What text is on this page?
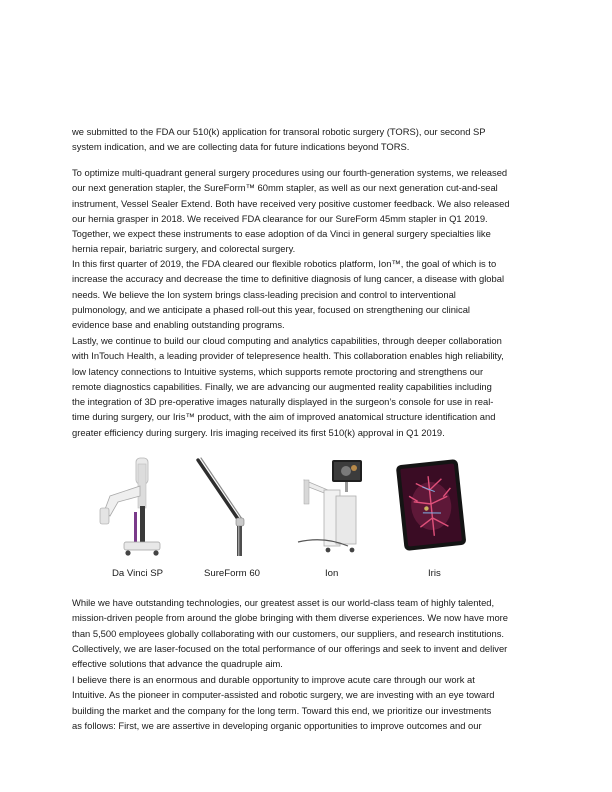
we submitted to the FDA our 510(k) application for transoral robotic surgery (TORS), our second SP
system indication, and we are collecting data for future indications beyond TORS.

To optimize multi-quadrant general surgery procedures using our fourth-generation systems, we released
our next generation stapler, the SureForm™ 60mm stapler, as well as our next generation cut-and-seal
instrument, Vessel Sealer Extend. Both have received very positive customer feedback. We also released
our hernia grasper in 2018. We received FDA clearance for our SureForm 45mm stapler in Q1 2019.
Together, we expect these instruments to ease adoption of da Vinci in general surgery specialties like
hernia repair, bariatric surgery, and colorectal surgery.

In this first quarter of 2019, the FDA cleared our flexible robotics platform, Ion™, the goal of which is to
increase the accuracy and decrease the time to definitive diagnosis of lung cancer, a disease with global
needs. We believe the Ion system brings class-leading precision and control to interventional
pulmonology, and we anticipate a phased roll-out this year, focused on strengthening our clinical
evidence base and enabling outstanding programs.

Lastly, we continue to build our cloud computing and analytics capabilities, through deeper collaboration
with InTouch Health, a leading provider of telepresence health. This collaboration enables high reliability,
low latency connections to Intuitive systems, which supports remote proctoring and strengthens our
remote diagnostics capabilities. Finally, we are advancing our augmented reality capabilities including
the integration of 3D pre-operative images naturally displayed in the surgeon’s console for use in real-
time during surgery, our Iris™ product, with the aim of improved anatomical structure identification and
greater efficiency during surgery. Iris imaging received its first 510(k) approval in Q1 2019.

Da Vinci SP	SureForm 60	Ion	Iris

While we have outstanding technologies, our greatest asset is our world-class team of highly talented,
mission-driven people from around the globe bringing with them diverse experiences. We now have more
than 5,500 employees globally collaborating with our customers, our suppliers, and research institutions.
Collectively, we are laser-focused on the total performance of our offerings and seek to invent and deliver
effective solutions that advance the quadruple aim.

I believe there is an enormous and durable opportunity to improve acute care through our work at
Intuitive. As the pioneer in computer-assisted and robotic surgery, we are investing with an eye toward
building the market and the company for the long term. Toward this end, we prioritize our investments
as follows: First, we are assertive in developing organic opportunities to improve outcomes and our
